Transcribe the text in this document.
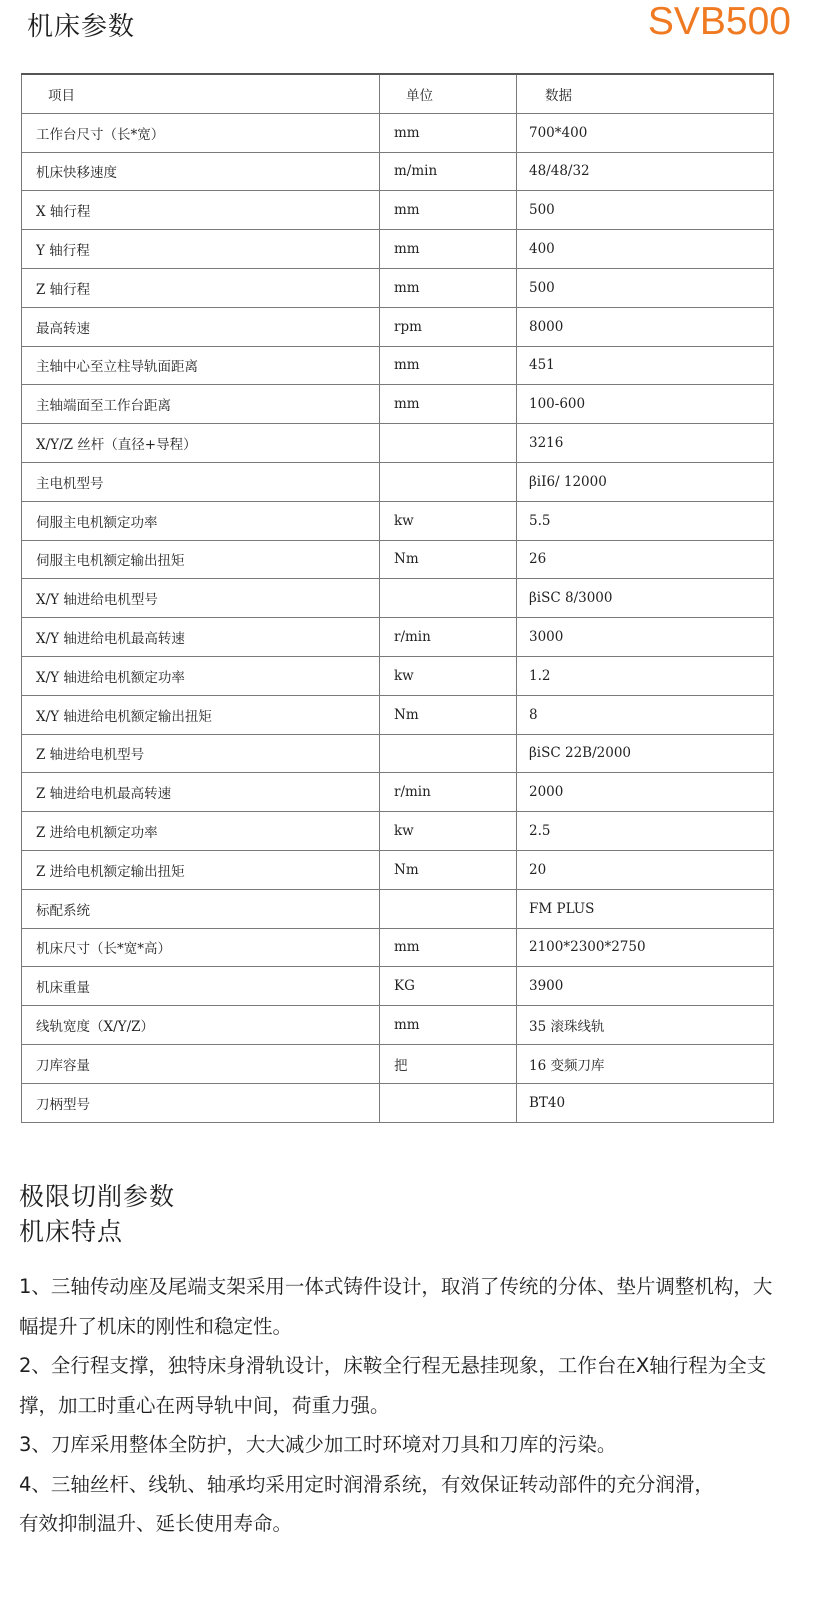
机床参数	SVB500
项目	单位	数据
工作台尺寸（长*宽）	mm	700*400
机床快移速度	m/min	48/48/32
X 轴行程	mm	500
Y 轴行程	mm	400
Z 轴行程	mm	500
最高转速	rpm	8000
主轴中心至立柱导轨面距离	mm	451
主轴端面至工作台距离	mm	100-600
X/Y/Z 丝杆（直径+导程）		3216
主电机型号		βiI6/ 12000
伺服主电机额定功率	kw	5.5
伺服主电机额定输出扭矩	Nm	26
X/Y 轴进给电机型号		βiSC 8/3000
X/Y 轴进给电机最高转速	r/min	3000
X/Y 轴进给电机额定功率	kw	1.2
X/Y 轴进给电机额定输出扭矩	Nm	8
Z 轴进给电机型号		βiSC 22B/2000
Z 轴进给电机最高转速	r/min	2000
Z 进给电机额定功率	kw	2.5
Z 进给电机额定输出扭矩	Nm	20
标配系统		FM PLUS
机床尺寸（长*宽*高）	mm	2100*2300*2750
机床重量	KG	3900
线轨宽度（X/Y/Z）	mm	35 滚珠线轨
刀库容量	把	16 变频刀库
刀柄型号		BT40
极限切削参数
机床特点

1、三轴传动座及尾端支架采用一体式铸件设计，取消了传统的分体、垫片调整机构，大幅提升了机床的刚性和稳定性。

2、全行程支撑，独特床身滑轨设计，床鞍全行程无悬挂现象，工作台在X轴行程为全支撑，加工时重心在两导轨中间，荷重力强。

3、刀库采用整体全防护，大大减少加工时环境对刀具和刀库的污染。

4、三轴丝杆、线轨、轴承均采用定时润滑系统，有效保证转动部件的充分润滑，

有效抑制温升、延长使用寿命。
